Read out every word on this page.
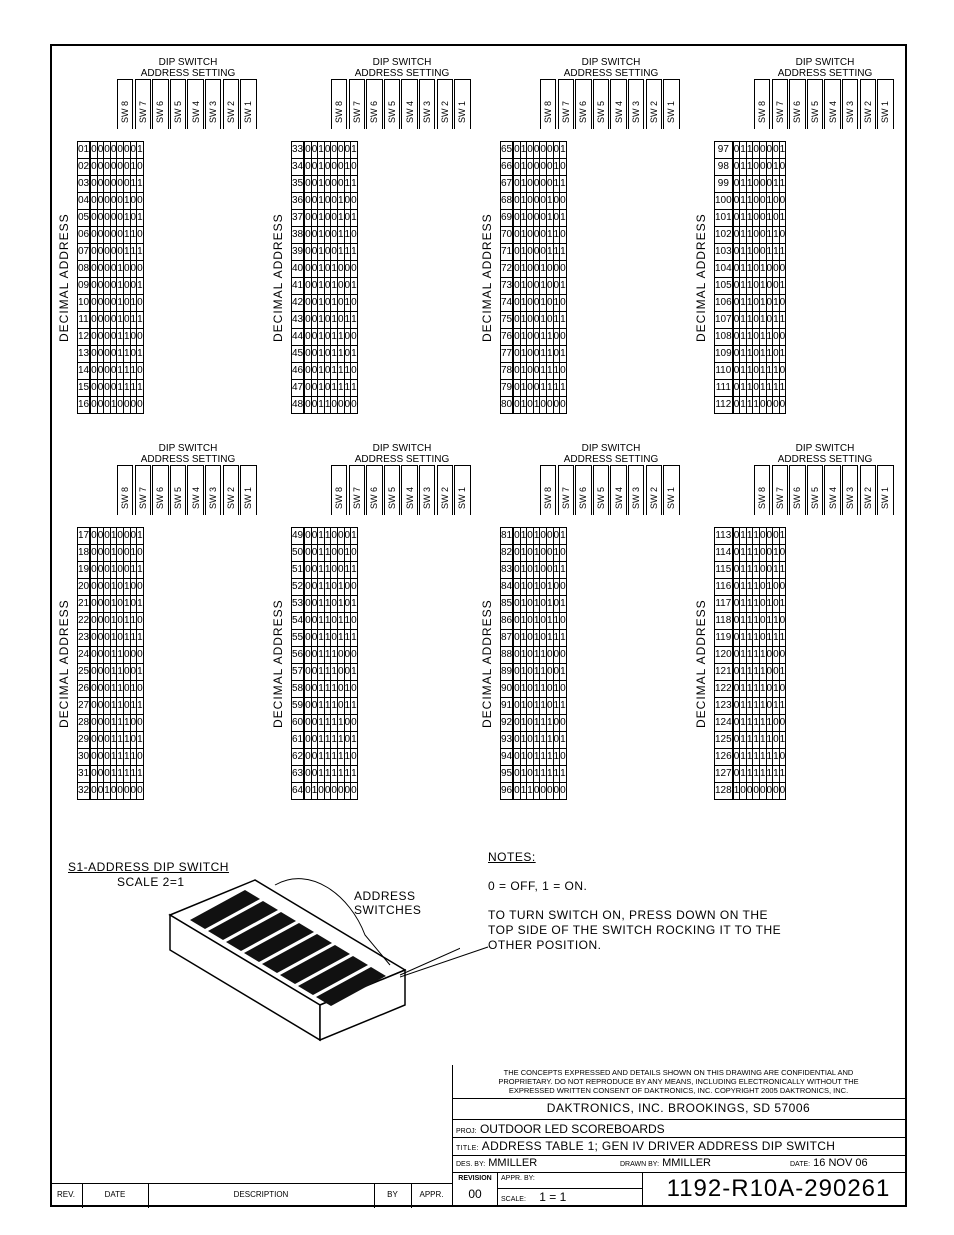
DIP SWITCH
ADDRESS SETTING
SW 8 SW 7 SW 6 SW 5 SW 4 SW 3 SW 2 SW 1
DECIMAL ADDRESS
01		0	0	0	0	0	0	0	1
02		0	0	0	0	0	0	1	0
03		0	0	0	0	0	0	1	1
04		0	0	0	0	0	1	0	0
05		0	0	0	0	0	1	0	1
06		0	0	0	0	0	1	1	0
07		0	0	0	0	0	1	1	1
08		0	0	0	0	1	0	0	0
09		0	0	0	0	1	0	0	1
10		0	0	0	0	1	0	1	0
11		0	0	0	0	1	0	1	1
12		0	0	0	0	1	1	0	0
13		0	0	0	0	1	1	0	1
14		0	0	0	0	1	1	1	0
15		0	0	0	0	1	1	1	1
16		0	0	0	1	0	0	0	0
DIP SWITCH
ADDRESS SETTING
SW 8 SW 7 SW 6 SW 5 SW 4 SW 3 SW 2 SW 1
DECIMAL ADDRESS
33		0	0	1	0	0	0	0	1
34		0	0	1	0	0	0	1	0
35		0	0	1	0	0	0	1	1
36		0	0	1	0	0	1	0	0
37		0	0	1	0	0	1	0	1
38		0	0	1	0	0	1	1	0
39		0	0	1	0	0	1	1	1
40		0	0	1	0	1	0	0	0
41		0	0	1	0	1	0	0	1
42		0	0	1	0	1	0	1	0
43		0	0	1	0	1	0	1	1
44		0	0	1	0	1	1	0	0
45		0	0	1	0	1	1	0	1
46		0	0	1	0	1	1	1	0
47		0	0	1	0	1	1	1	1
48		0	0	1	1	0	0	0	0
DIP SWITCH
ADDRESS SETTING
SW 8 SW 7 SW 6 SW 5 SW 4 SW 3 SW 2 SW 1
DECIMAL ADDRESS
65		0	1	0	0	0	0	0	1
66		0	1	0	0	0	0	1	0
67		0	1	0	0	0	0	1	1
68		0	1	0	0	0	1	0	0
69		0	1	0	0	0	1	0	1
70		0	1	0	0	0	1	1	0
71		0	1	0	0	0	1	1	1
72		0	1	0	0	1	0	0	0
73		0	1	0	0	1	0	0	1
74		0	1	0	0	1	0	1	0
75		0	1	0	0	1	0	1	1
76		0	1	0	0	1	1	0	0
77		0	1	0	0	1	1	0	1
78		0	1	0	0	1	1	1	0
79		0	1	0	0	1	1	1	1
80		0	1	0	1	0	0	0	0
DIP SWITCH
ADDRESS SETTING
SW 8 SW 7 SW 6 SW 5 SW 4 SW 3 SW 2 SW 1
DECIMAL ADDRESS
97		0	1	1	0	0	0	0	1
98		0	1	1	0	0	0	1	0
99		0	1	1	0	0	0	1	1
100		0	1	1	0	0	1	0	0
101		0	1	1	0	0	1	0	1
102		0	1	1	0	0	1	1	0
103		0	1	1	0	0	1	1	1
104		0	1	1	0	1	0	0	0
105		0	1	1	0	1	0	0	1
106		0	1	1	0	1	0	1	0
107		0	1	1	0	1	0	1	1
108		0	1	1	0	1	1	0	0
109		0	1	1	0	1	1	0	1
110		0	1	1	0	1	1	1	0
111		0	1	1	0	1	1	1	1
112		0	1	1	1	0	0	0	0
DIP SWITCH
ADDRESS SETTING
SW 8 SW 7 SW 6 SW 5 SW 4 SW 3 SW 2 SW 1
DECIMAL ADDRESS
17		0	0	0	1	0	0	0	1
18		0	0	0	1	0	0	1	0
19		0	0	0	1	0	0	1	1
20		0	0	0	1	0	1	0	0
21		0	0	0	1	0	1	0	1
22		0	0	0	1	0	1	1	0
23		0	0	0	1	0	1	1	1
24		0	0	0	1	1	0	0	0
25		0	0	0	1	1	0	0	1
26		0	0	0	1	1	0	1	0
27		0	0	0	1	1	0	1	1
28		0	0	0	1	1	1	0	0
29		0	0	0	1	1	1	0	1
30		0	0	0	1	1	1	1	0
31		0	0	0	1	1	1	1	1
32		0	0	1	0	0	0	0	0
DIP SWITCH
ADDRESS SETTING
SW 8 SW 7 SW 6 SW 5 SW 4 SW 3 SW 2 SW 1
DECIMAL ADDRESS
49		0	0	1	1	0	0	0	1
50		0	0	1	1	0	0	1	0
51		0	0	1	1	0	0	1	1
52		0	0	1	1	0	1	0	0
53		0	0	1	1	0	1	0	1
54		0	0	1	1	0	1	1	0
55		0	0	1	1	0	1	1	1
56		0	0	1	1	1	0	0	0
57		0	0	1	1	1	0	0	1
58		0	0	1	1	1	0	1	0
59		0	0	1	1	1	0	1	1
60		0	0	1	1	1	1	0	0
61		0	0	1	1	1	1	0	1
62		0	0	1	1	1	1	1	0
63		0	0	1	1	1	1	1	1
64		0	1	0	0	0	0	0	0
DIP SWITCH
ADDRESS SETTING
SW 8 SW 7 SW 6 SW 5 SW 4 SW 3 SW 2 SW 1
DECIMAL ADDRESS
81		0	1	0	1	0	0	0	1
82		0	1	0	1	0	0	1	0
83		0	1	0	1	0	0	1	1
84		0	1	0	1	0	1	0	0
85		0	1	0	1	0	1	0	1
86		0	1	0	1	0	1	1	0
87		0	1	0	1	0	1	1	1
88		0	1	0	1	1	0	0	0
89		0	1	0	1	1	0	0	1
90		0	1	0	1	1	0	1	0
91		0	1	0	1	1	0	1	1
92		0	1	0	1	1	1	0	0
93		0	1	0	1	1	1	0	1
94		0	1	0	1	1	1	1	0
95		0	1	0	1	1	1	1	1
96		0	1	1	0	0	0	0	0
DIP SWITCH
ADDRESS SETTING
SW 8 SW 7 SW 6 SW 5 SW 4 SW 3 SW 2 SW 1
DECIMAL ADDRESS
113		0	1	1	1	0	0	0	1
114		0	1	1	1	0	0	1	0
115		0	1	1	1	0	0	1	1
116		0	1	1	1	0	1	0	0
117		0	1	1	1	0	1	0	1
118		0	1	1	1	0	1	1	0
119		0	1	1	1	0	1	1	1
120		0	1	1	1	1	0	0	0
121		0	1	1	1	1	0	0	1
122		0	1	1	1	1	0	1	0
123		0	1	1	1	1	0	1	1
124		0	1	1	1	1	1	0	0
125		0	1	1	1	1	1	0	1
126		0	1	1	1	1	1	1	0
127		0	1	1	1	1	1	1	1
128		1	0	0	0	0	0	0	0
S1-ADDRESS DIP SWITCH
SCALE 2=1
ADDRESS
SWITCHES
NOTES:
0 = OFF, 1 = ON.
TO TURN SWITCH ON, PRESS DOWN ON THE
TOP SIDE OF THE SWITCH ROCKING IT TO THE
OTHER POSITION.
THE CONCEPTS EXPRESSED AND DETAILS SHOWN ON THIS DRAWING ARE CONFIDENTIAL AND
PROPRIETARY. DO NOT REPRODUCE BY ANY MEANS, INCLUDING ELECTRONICALLY WITHOUT THE
EXPRESSED WRITTEN CONSENT OF DAKTRONICS, INC. COPYRIGHT 2005 DAKTRONICS, INC.
DAKTRONICS, INC. BROOKINGS, SD 57006
PROJ: OUTDOOR LED SCOREBOARDS
TITLE: ADDRESS TABLE 1; GEN IV DRIVER ADDRESS DIP SWITCH
DES. BY: MMILLER	DRAWN BY: MMILLER	DATE: 16 NOV 06
REVISION
00
APPR. BY:
SCALE: 1 = 1	1192-R10A-290261
REV.	DATE	DESCRIPTION	BY	APPR.
